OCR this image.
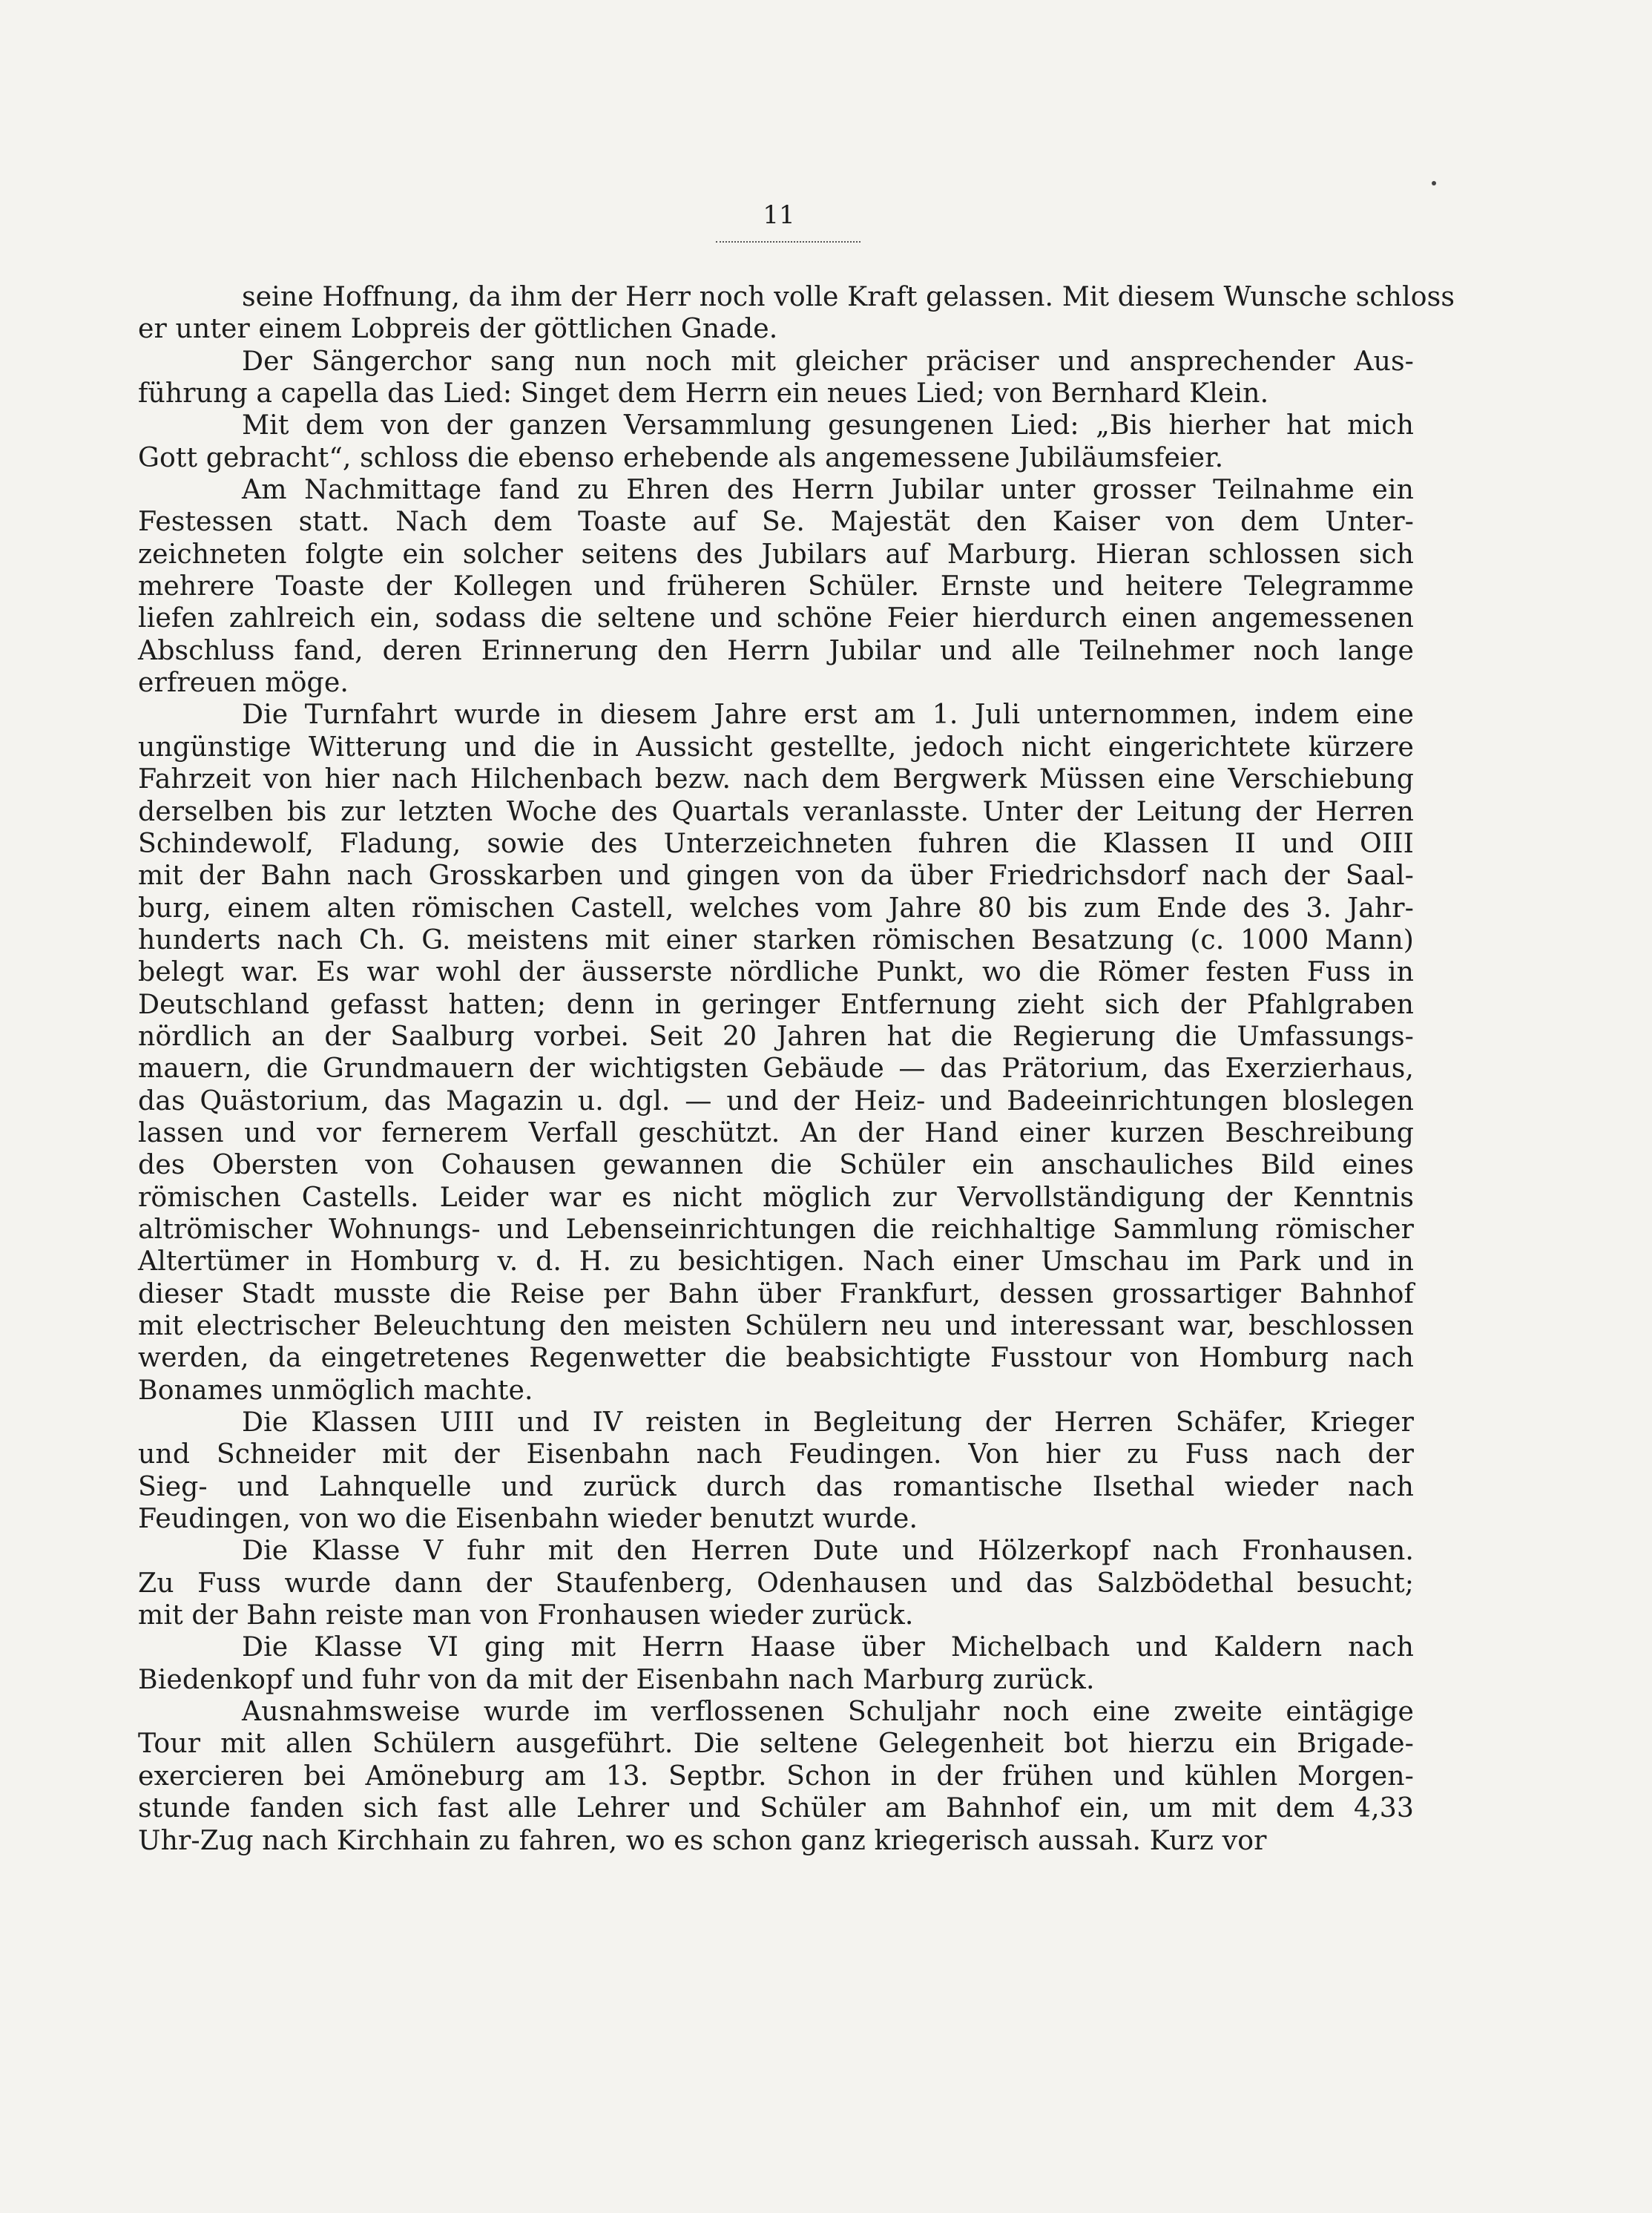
11

seine Hoffnung, da ihm der Herr noch volle Kraft gelassen. Mit diesem Wunsche schloss
er unter einem Lobpreis der göttlichen Gnade.

Der Sängerchor sang nun noch mit gleicher präciser und ansprechender Aus-
führung a capella das Lied: Singet dem Herrn ein neues Lied; von Bernhard Klein.

Mit dem von der ganzen Versammlung gesungenen Lied: „Bis hierher hat mich
Gott gebracht“, schloss die ebenso erhebende als angemessene Jubiläumsfeier.

Am Nachmittage fand zu Ehren des Herrn Jubilar unter grosser Teilnahme ein
Festessen statt. Nach dem Toaste auf Se. Majestät den Kaiser von dem Unter-
zeichneten folgte ein solcher seitens des Jubilars auf Marburg. Hieran schlossen sich
mehrere Toaste der Kollegen und früheren Schüler. Ernste und heitere Telegramme
liefen zahlreich ein, sodass die seltene und schöne Feier hierdurch einen angemessenen
Abschluss fand, deren Erinnerung den Herrn Jubilar und alle Teilnehmer noch lange
erfreuen möge.

Die Turnfahrt wurde in diesem Jahre erst am 1. Juli unternommen, indem eine
ungünstige Witterung und die in Aussicht gestellte, jedoch nicht eingerichtete kürzere
Fahrzeit von hier nach Hilchenbach bezw. nach dem Bergwerk Müssen eine Verschiebung
derselben bis zur letzten Woche des Quartals veranlasste. Unter der Leitung der Herren
Schindewolf, Fladung, sowie des Unterzeichneten fuhren die Klassen II und OIII
mit der Bahn nach Grosskarben und gingen von da über Friedrichsdorf nach der Saal-
burg, einem alten römischen Castell, welches vom Jahre 80 bis zum Ende des 3. Jahr-
hunderts nach Ch. G. meistens mit einer starken römischen Besatzung (c. 1000 Mann)
belegt war. Es war wohl der äusserste nördliche Punkt, wo die Römer festen Fuss in
Deutschland gefasst hatten; denn in geringer Entfernung zieht sich der Pfahlgraben
nördlich an der Saalburg vorbei. Seit 20 Jahren hat die Regierung die Umfassungs-
mauern, die Grundmauern der wichtigsten Gebäude — das Prätorium, das Exerzierhaus,
das Quästorium, das Magazin u. dgl. — und der Heiz- und Badeeinrichtungen bloslegen
lassen und vor fernerem Verfall geschützt. An der Hand einer kurzen Beschreibung
des Obersten von Cohausen gewannen die Schüler ein anschauliches Bild eines
römischen Castells. Leider war es nicht möglich zur Vervollständigung der Kenntnis
altrömischer Wohnungs- und Lebenseinrichtungen die reichhaltige Sammlung römischer
Altertümer in Homburg v. d. H. zu besichtigen. Nach einer Umschau im Park und in
dieser Stadt musste die Reise per Bahn über Frankfurt, dessen grossartiger Bahnhof
mit electrischer Beleuchtung den meisten Schülern neu und interessant war, beschlossen
werden, da eingetretenes Regenwetter die beabsichtigte Fusstour von Homburg nach
Bonames unmöglich machte.

Die Klassen UIII und IV reisten in Begleitung der Herren Schäfer, Krieger
und Schneider mit der Eisenbahn nach Feudingen. Von hier zu Fuss nach der
Sieg- und Lahnquelle und zurück durch das romantische Ilsethal wieder nach
Feudingen, von wo die Eisenbahn wieder benutzt wurde.

Die Klasse V fuhr mit den Herren Dute und Hölzerkopf nach Fronhausen.
Zu Fuss wurde dann der Staufenberg, Odenhausen und das Salzbödethal besucht;
mit der Bahn reiste man von Fronhausen wieder zurück.

Die Klasse VI ging mit Herrn Haase über Michelbach und Kaldern nach
Biedenkopf und fuhr von da mit der Eisenbahn nach Marburg zurück.

Ausnahmsweise wurde im verflossenen Schuljahr noch eine zweite eintägige
Tour mit allen Schülern ausgeführt. Die seltene Gelegenheit bot hierzu ein Brigade-
exercieren bei Amöneburg am 13. Septbr. Schon in der frühen und kühlen Morgen-
stunde fanden sich fast alle Lehrer und Schüler am Bahnhof ein, um mit dem 4,33
Uhr-Zug nach Kirchhain zu fahren, wo es schon ganz kriegerisch aussah. Kurz vor
